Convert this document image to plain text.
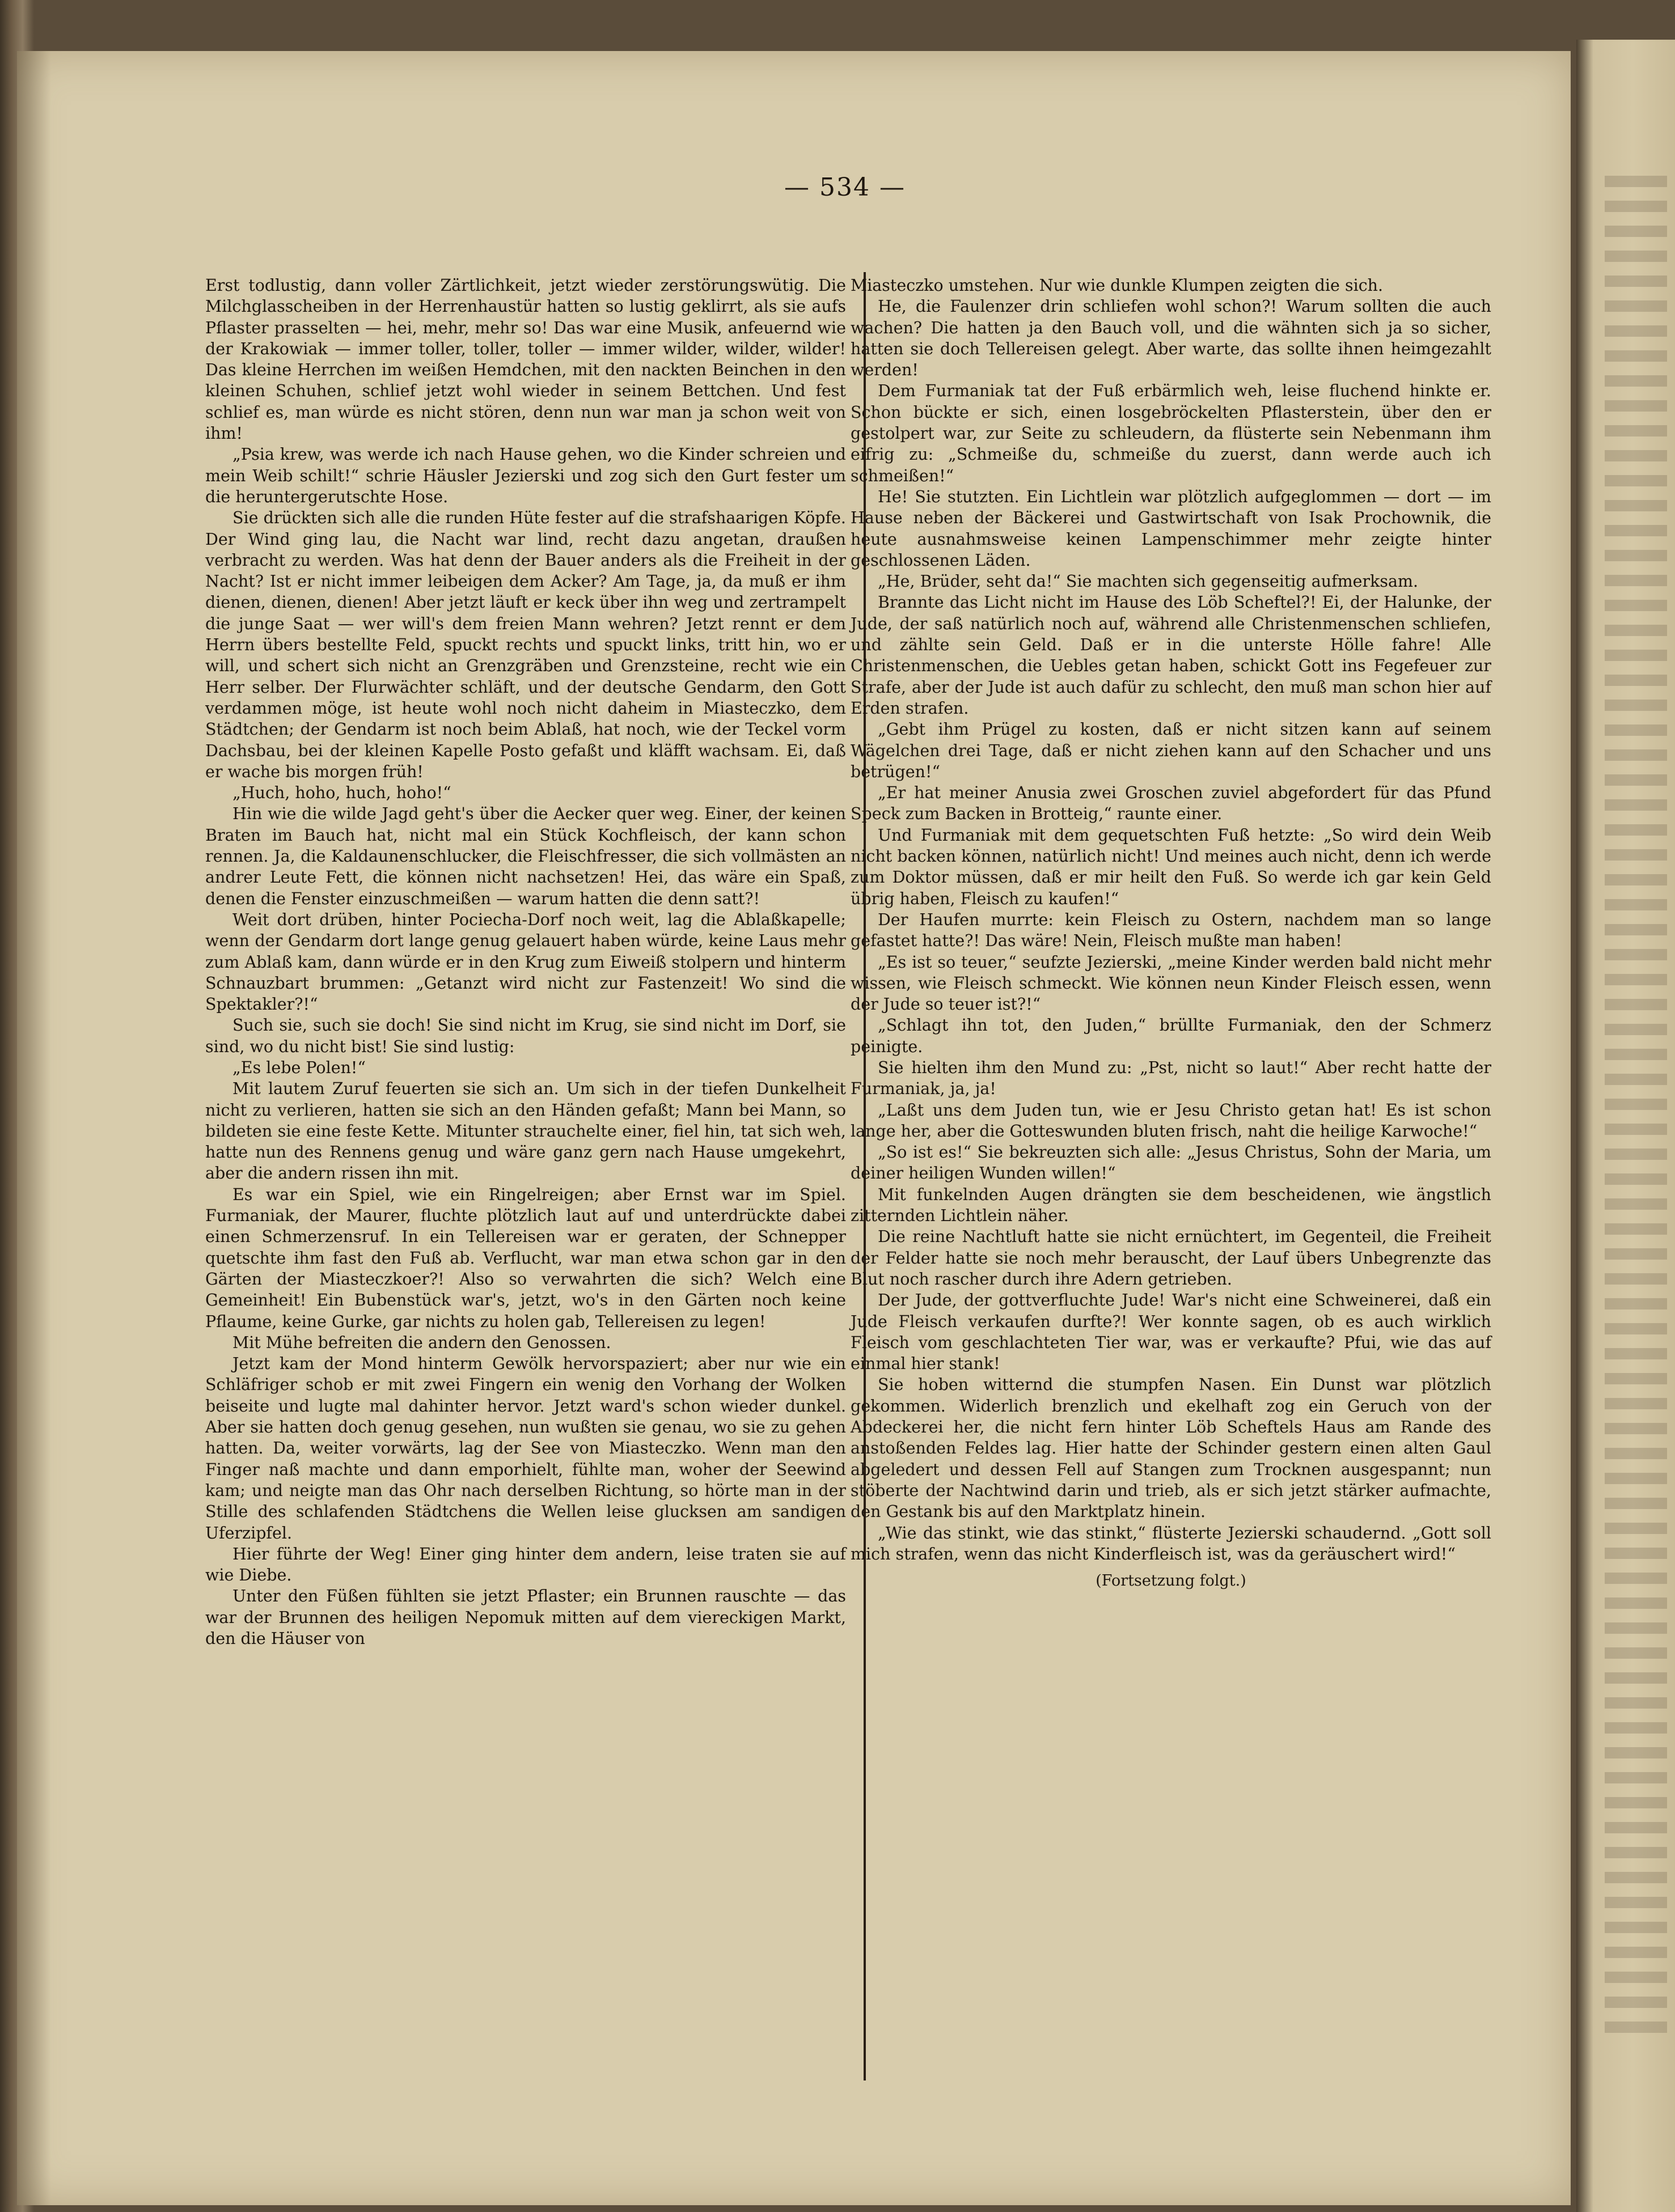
— 534 —

Erst todlustig, dann voller Zärtlichkeit, jetzt wieder zerstörungswütig. Die Milchglasscheiben in der Herrenhaustür hatten so lustig geklirrt, als sie aufs Pflaster prasselten — hei, mehr, mehr so! Das war eine Musik, anfeuernd wie der Krakowiak — immer toller, toller, toller — immer wilder, wilder, wilder! Das kleine Herrchen im weißen Hemdchen, mit den nackten Beinchen in den kleinen Schuhen, schlief jetzt wohl wieder in seinem Bettchen. Und fest schlief es, man würde es nicht stören, denn nun war man ja schon weit von ihm!

„Psia krew, was werde ich nach Hause gehen, wo die Kinder schreien und mein Weib schilt!“ schrie Häusler Jezierski und zog sich den Gurt fester um die heruntergerutschte Hose.

Sie drückten sich alle die runden Hüte fester auf die strafshaarigen Köpfe. Der Wind ging lau, die Nacht war lind, recht dazu angetan, draußen verbracht zu werden. Was hat denn der Bauer anders als die Freiheit in der Nacht? Ist er nicht immer leibeigen dem Acker? Am Tage, ja, da muß er ihm dienen, dienen, dienen! Aber jetzt läuft er keck über ihn weg und zertrampelt die junge Saat — wer will's dem freien Mann wehren? Jetzt rennt er dem Herrn übers bestellte Feld, spuckt rechts und spuckt links, tritt hin, wo er will, und schert sich nicht an Grenzgräben und Grenzsteine, recht wie ein Herr selber. Der Flurwächter schläft, und der deutsche Gendarm, den Gott verdammen möge, ist heute wohl noch nicht daheim in Miasteczko, dem Städtchen; der Gendarm ist noch beim Ablaß, hat noch, wie der Teckel vorm Dachsbau, bei der kleinen Kapelle Posto gefaßt und kläfft wachsam. Ei, daß er wache bis morgen früh!

„Huch, hoho, huch, hoho!“

Hin wie die wilde Jagd geht's über die Aecker quer weg. Einer, der keinen Braten im Bauch hat, nicht mal ein Stück Kochfleisch, der kann schon rennen. Ja, die Kaldaunenschlucker, die Fleischfresser, die sich vollmästen an andrer Leute Fett, die können nicht nachsetzen! Hei, das wäre ein Spaß, denen die Fenster einzuschmeißen — warum hatten die denn satt?!

Weit dort drüben, hinter Pociecha-Dorf noch weit, lag die Ablaßkapelle; wenn der Gendarm dort lange genug gelauert haben würde, keine Laus mehr zum Ablaß kam, dann würde er in den Krug zum Eiweiß stolpern und hinterm Schnauzbart brummen: „Getanzt wird nicht zur Fastenzeit! Wo sind die Spektakler?!“

Such sie, such sie doch! Sie sind nicht im Krug, sie sind nicht im Dorf, sie sind, wo du nicht bist! Sie sind lustig:

„Es lebe Polen!“

Mit lautem Zuruf feuerten sie sich an. Um sich in der tiefen Dunkelheit nicht zu verlieren, hatten sie sich an den Händen gefaßt; Mann bei Mann, so bildeten sie eine feste Kette. Mitunter strauchelte einer, fiel hin, tat sich weh, hatte nun des Rennens genug und wäre ganz gern nach Hause umgekehrt, aber die andern rissen ihn mit.

Es war ein Spiel, wie ein Ringelreigen; aber Ernst war im Spiel. Furmaniak, der Maurer, fluchte plötzlich laut auf und unterdrückte dabei einen Schmerzensruf. In ein Tellereisen war er geraten, der Schnepper quetschte ihm fast den Fuß ab. Verflucht, war man etwa schon gar in den Gärten der Miasteczkoer?! Also so verwahrten die sich? Welch eine Gemeinheit! Ein Bubenstück war's, jetzt, wo's in den Gärten noch keine Pflaume, keine Gurke, gar nichts zu holen gab, Tellereisen zu legen!

Mit Mühe befreiten die andern den Genossen.

Jetzt kam der Mond hinterm Gewölk hervorspaziert; aber nur wie ein Schläfriger schob er mit zwei Fingern ein wenig den Vorhang der Wolken beiseite und lugte mal dahinter hervor. Jetzt ward's schon wieder dunkel. Aber sie hatten doch genug gesehen, nun wußten sie genau, wo sie zu gehen hatten. Da, weiter vorwärts, lag der See von Miasteczko. Wenn man den Finger naß machte und dann emporhielt, fühlte man, woher der Seewind kam; und neigte man das Ohr nach derselben Richtung, so hörte man in der Stille des schlafenden Städtchens die Wellen leise glucksen am sandigen Uferzipfel.

Hier führte der Weg! Einer ging hinter dem andern, leise traten sie auf wie Diebe.

Unter den Füßen fühlten sie jetzt Pflaster; ein Brunnen rauschte — das war der Brunnen des heiligen Nepomuk mitten auf dem viereckigen Markt, den die Häuser von

Miasteczko umstehen. Nur wie dunkle Klumpen zeigten die sich.

He, die Faulenzer drin schliefen wohl schon?! Warum sollten die auch wachen? Die hatten ja den Bauch voll, und die wähnten sich ja so sicher, hatten sie doch Tellereisen gelegt. Aber warte, das sollte ihnen heimgezahlt werden!

Dem Furmaniak tat der Fuß erbärmlich weh, leise fluchend hinkte er. Schon bückte er sich, einen losgebröckelten Pflasterstein, über den er gestolpert war, zur Seite zu schleudern, da flüsterte sein Nebenmann ihm eifrig zu: „Schmeiße du, schmeiße du zuerst, dann werde auch ich schmeißen!“

He! Sie stutzten. Ein Lichtlein war plötzlich aufgeglommen — dort — im Hause neben der Bäckerei und Gastwirtschaft von Isak Prochownik, die heute ausnahmsweise keinen Lampenschimmer mehr zeigte hinter geschlossenen Läden.

„He, Brüder, seht da!“ Sie machten sich gegenseitig aufmerksam.

Brannte das Licht nicht im Hause des Löb Scheftel?! Ei, der Halunke, der Jude, der saß natürlich noch auf, während alle Christenmenschen schliefen, und zählte sein Geld. Daß er in die unterste Hölle fahre! Alle Christenmenschen, die Uebles getan haben, schickt Gott ins Fegefeuer zur Strafe, aber der Jude ist auch dafür zu schlecht, den muß man schon hier auf Erden strafen.

„Gebt ihm Prügel zu kosten, daß er nicht sitzen kann auf seinem Wägelchen drei Tage, daß er nicht ziehen kann auf den Schacher und uns betrügen!“

„Er hat meiner Anusia zwei Groschen zuviel abgefordert für das Pfund Speck zum Backen in Brotteig,“ raunte einer.

Und Furmaniak mit dem gequetschten Fuß hetzte: „So wird dein Weib nicht backen können, natürlich nicht! Und meines auch nicht, denn ich werde zum Doktor müssen, daß er mir heilt den Fuß. So werde ich gar kein Geld übrig haben, Fleisch zu kaufen!“

Der Haufen murrte: kein Fleisch zu Ostern, nachdem man so lange gefastet hatte?! Das wäre! Nein, Fleisch mußte man haben!

„Es ist so teuer,“ seufzte Jezierski, „meine Kinder werden bald nicht mehr wissen, wie Fleisch schmeckt. Wie können neun Kinder Fleisch essen, wenn der Jude so teuer ist?!“

„Schlagt ihn tot, den Juden,“ brüllte Furmaniak, den der Schmerz peinigte.

Sie hielten ihm den Mund zu: „Pst, nicht so laut!“ Aber recht hatte der Furmaniak, ja, ja!

„Laßt uns dem Juden tun, wie er Jesu Christo getan hat! Es ist schon lange her, aber die Gotteswunden bluten frisch, naht die heilige Karwoche!“

„So ist es!“ Sie bekreuzten sich alle: „Jesus Christus, Sohn der Maria, um deiner heiligen Wunden willen!“

Mit funkelnden Augen drängten sie dem bescheidenen, wie ängstlich zitternden Lichtlein näher.

Die reine Nachtluft hatte sie nicht ernüchtert, im Gegenteil, die Freiheit der Felder hatte sie noch mehr berauscht, der Lauf übers Unbegrenzte das Blut noch rascher durch ihre Adern getrieben.

Der Jude, der gottverfluchte Jude! War's nicht eine Schweinerei, daß ein Jude Fleisch verkaufen durfte?! Wer konnte sagen, ob es auch wirklich Fleisch vom geschlachteten Tier war, was er verkaufte? Pfui, wie das auf einmal hier stank!

Sie hoben witternd die stumpfen Nasen. Ein Dunst war plötzlich gekommen. Widerlich brenzlich und ekelhaft zog ein Geruch von der Abdeckerei her, die nicht fern hinter Löb Scheftels Haus am Rande des anstoßenden Feldes lag. Hier hatte der Schinder gestern einen alten Gaul abgeledert und dessen Fell auf Stangen zum Trocknen ausgespannt; nun stöberte der Nachtwind darin und trieb, als er sich jetzt stärker aufmachte, den Gestank bis auf den Marktplatz hinein.

„Wie das stinkt, wie das stinkt,“ flüsterte Jezierski schaudernd. „Gott soll mich strafen, wenn das nicht Kinderfleisch ist, was da geräuschert wird!“

(Fortsetzung folgt.)
